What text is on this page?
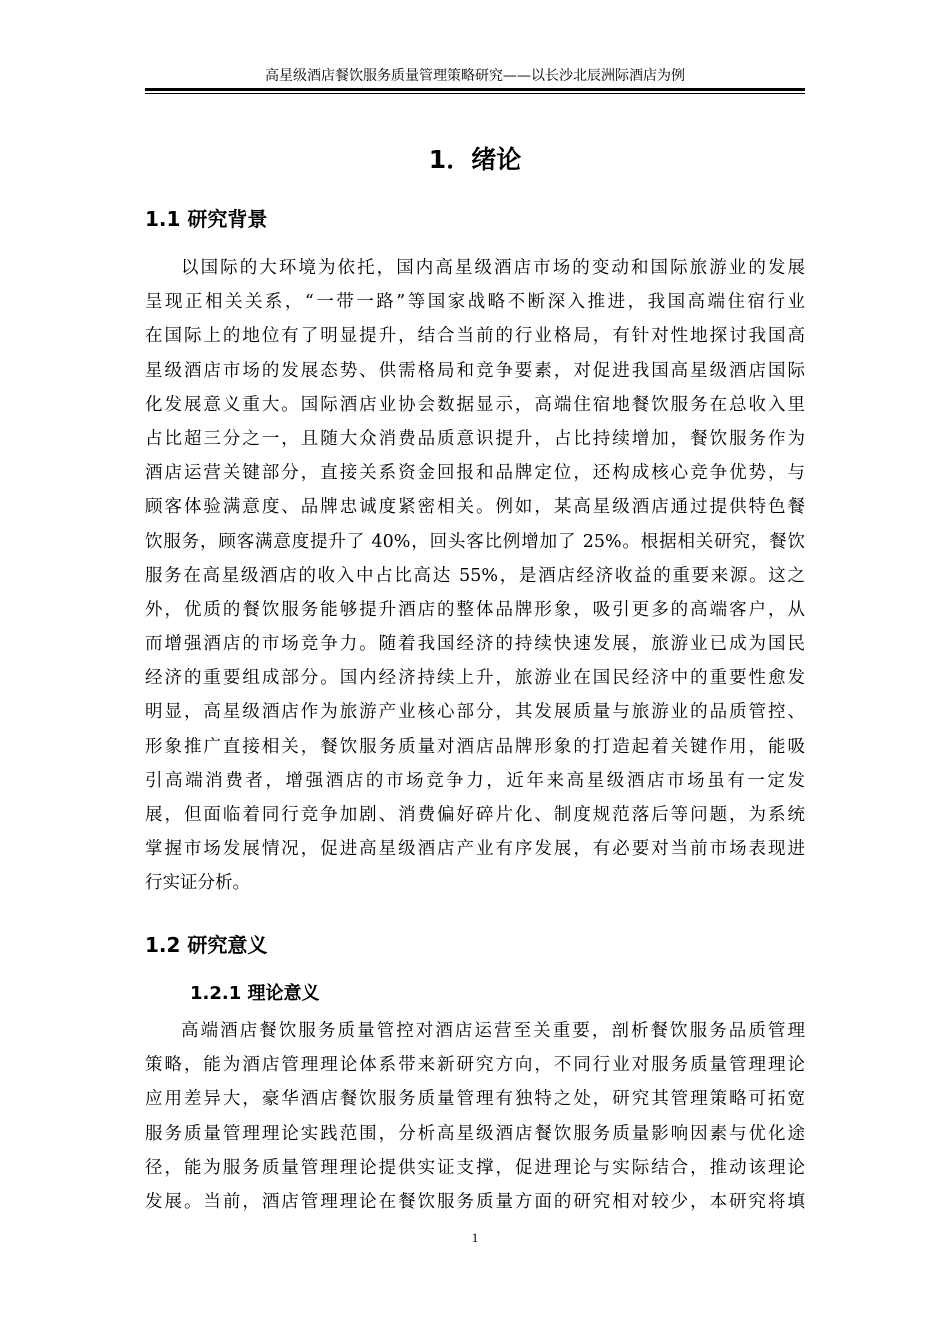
高星级酒店餐饮服务质量管理策略研究——以长沙北辰洲际酒店为例
1．绪论
1.1 研究背景
以国际的大环境为依托，国内高星级酒店市场的变动和国际旅游业的发展
呈现正相关关系，“一带一路”等国家战略不断深入推进，我国高端住宿行业
在国际上的地位有了明显提升，结合当前的行业格局，有针对性地探讨我国高
星级酒店市场的发展态势、供需格局和竞争要素，对促进我国高星级酒店国际
化发展意义重大。国际酒店业协会数据显示，高端住宿地餐饮服务在总收入里
占比超三分之一，且随大众消费品质意识提升，占比持续增加，餐饮服务作为
酒店运营关键部分，直接关系资金回报和品牌定位，还构成核心竞争优势，与
顾客体验满意度、品牌忠诚度紧密相关。例如，某高星级酒店通过提供特色餐
饮服务，顾客满意度提升了 40%，回头客比例增加了 25%。根据相关研究，餐饮
服务在高星级酒店的收入中占比高达 55%，是酒店经济收益的重要来源。这之
外，优质的餐饮服务能够提升酒店的整体品牌形象，吸引更多的高端客户，从
而增强酒店的市场竞争力。随着我国经济的持续快速发展，旅游业已成为国民
经济的重要组成部分。国内经济持续上升，旅游业在国民经济中的重要性愈发
明显，高星级酒店作为旅游产业核心部分，其发展质量与旅游业的品质管控、
形象推广直接相关，餐饮服务质量对酒店品牌形象的打造起着关键作用，能吸
引高端消费者，增强酒店的市场竞争力，近年来高星级酒店市场虽有一定发
展，但面临着同行竞争加剧、消费偏好碎片化、制度规范落后等问题，为系统
掌握市场发展情况，促进高星级酒店产业有序发展，有必要对当前市场表现进
行实证分析。
1.2 研究意义
1.2.1 理论意义
高端酒店餐饮服务质量管控对酒店运营至关重要，剖析餐饮服务品质管理
策略，能为酒店管理理论体系带来新研究方向，不同行业对服务质量管理理论
应用差异大，豪华酒店餐饮服务质量管理有独特之处，研究其管理策略可拓宽
服务质量管理理论实践范围，分析高星级酒店餐饮服务质量影响因素与优化途
径，能为服务质量管理理论提供实证支撑，促进理论与实际结合，推动该理论
发展。当前，酒店管理理论在餐饮服务质量方面的研究相对较少，本研究将填
1
